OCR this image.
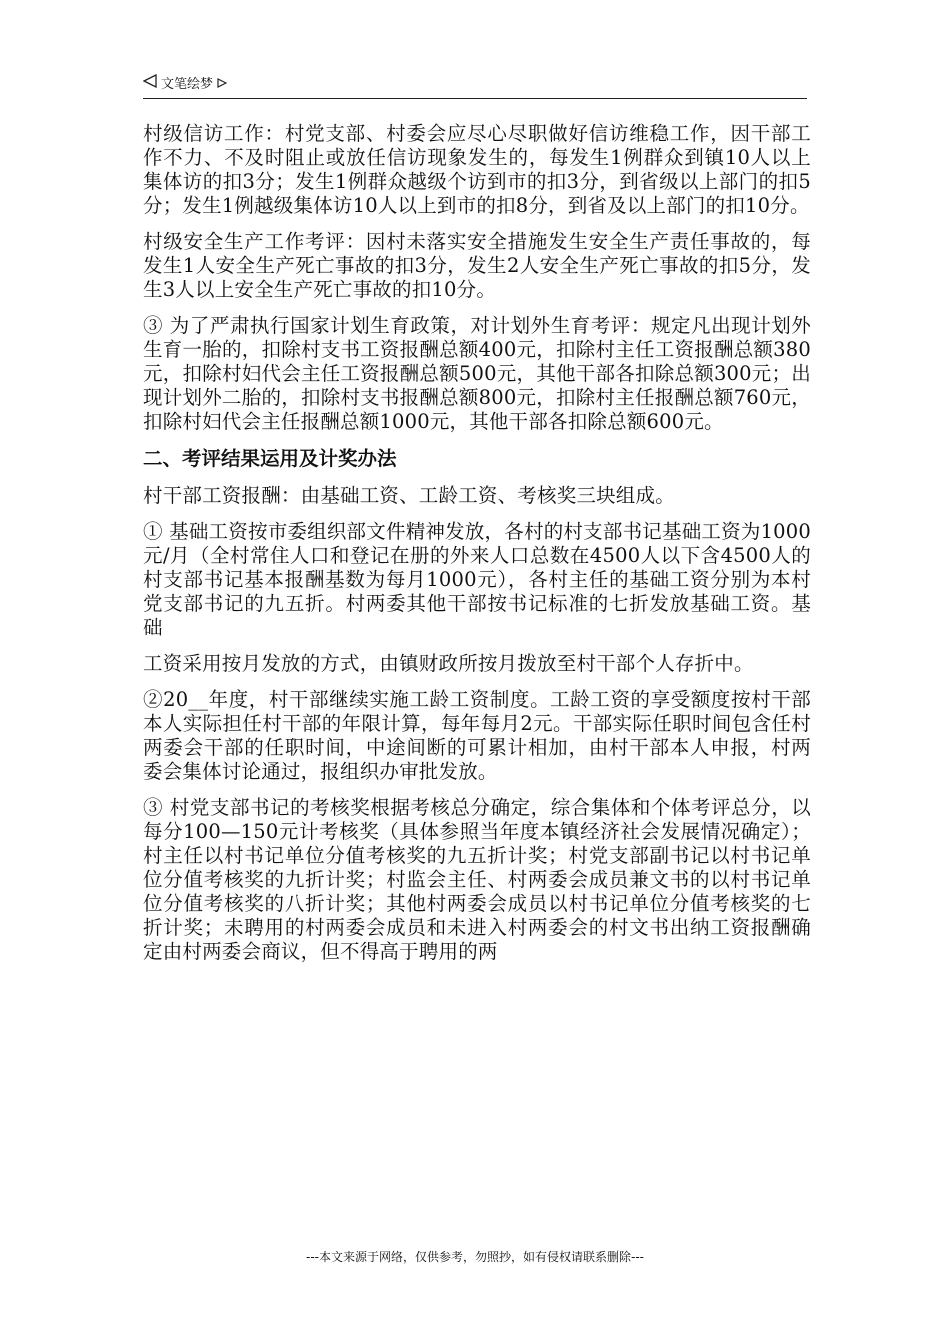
文笔绘梦

村级信访工作：村党支部、村委会应尽心尽职做好信访维稳工作，因干部工作不力、不及时阻止或放任信访现象发生的，每发生1例群众到镇10人以上集体访的扣3分；发生1例群众越级个访到市的扣3分，到省级以上部门的扣5分；发生1例越级集体访10人以上到市的扣8分，到省及以上部门的扣10分。

村级安全生产工作考评：因村未落实安全措施发生安全生产责任事故的，每发生1人安全生产死亡事故的扣3分，发生2人安全生产死亡事故的扣5分，发生3人以上安全生产死亡事故的扣10分。

③ 为了严肃执行国家计划生育政策，对计划外生育考评：规定凡出现计划外生育一胎的，扣除村支书工资报酬总额400元，扣除村主任工资报酬总额380元，扣除村妇代会主任工资报酬总额500元，其他干部各扣除总额300元；出现计划外二胎的，扣除村支书报酬总额800元，扣除村主任报酬总额760元，扣除村妇代会主任报酬总额1000元，其他干部各扣除总额600元。

二、考评结果运用及计奖办法

村干部工资报酬：由基础工资、工龄工资、考核奖三块组成。

① 基础工资按市委组织部文件精神发放，各村的村支部书记基础工资为1000元/月（全村常住人口和登记在册的外来人口总数在4500人以下含4500人的村支部书记基本报酬基数为每月1000元），各村主任的基础工资分别为本村党支部书记的九五折。村两委其他干部按书记标准的七折发放基础工资。基础

工资采用按月发放的方式，由镇财政所按月拨放至村干部个人存折中。

②20__年度，村干部继续实施工龄工资制度。工龄工资的享受额度按村干部本人实际担任村干部的年限计算，每年每月2元。干部实际任职时间包含任村两委会干部的任职时间，中途间断的可累计相加，由村干部本人申报，村两委会集体讨论通过，报组织办审批发放。

③ 村党支部书记的考核奖根据考核总分确定，综合集体和个体考评总分，以每分100—150元计考核奖（具体参照当年度本镇经济社会发展情况确定）；村主任以村书记单位分值考核奖的九五折计奖；村党支部副书记以村书记单位分值考核奖的九折计奖；村监会主任、村两委会成员兼文书的以村书记单位分值考核奖的八折计奖；其他村两委会成员以村书记单位分值考核奖的七折计奖；未聘用的村两委会成员和未进入村两委会的村文书出纳工资报酬确定由村两委会商议，但不得高于聘用的两

---本文来源于网络，仅供参考，勿照抄，如有侵权请联系删除---
